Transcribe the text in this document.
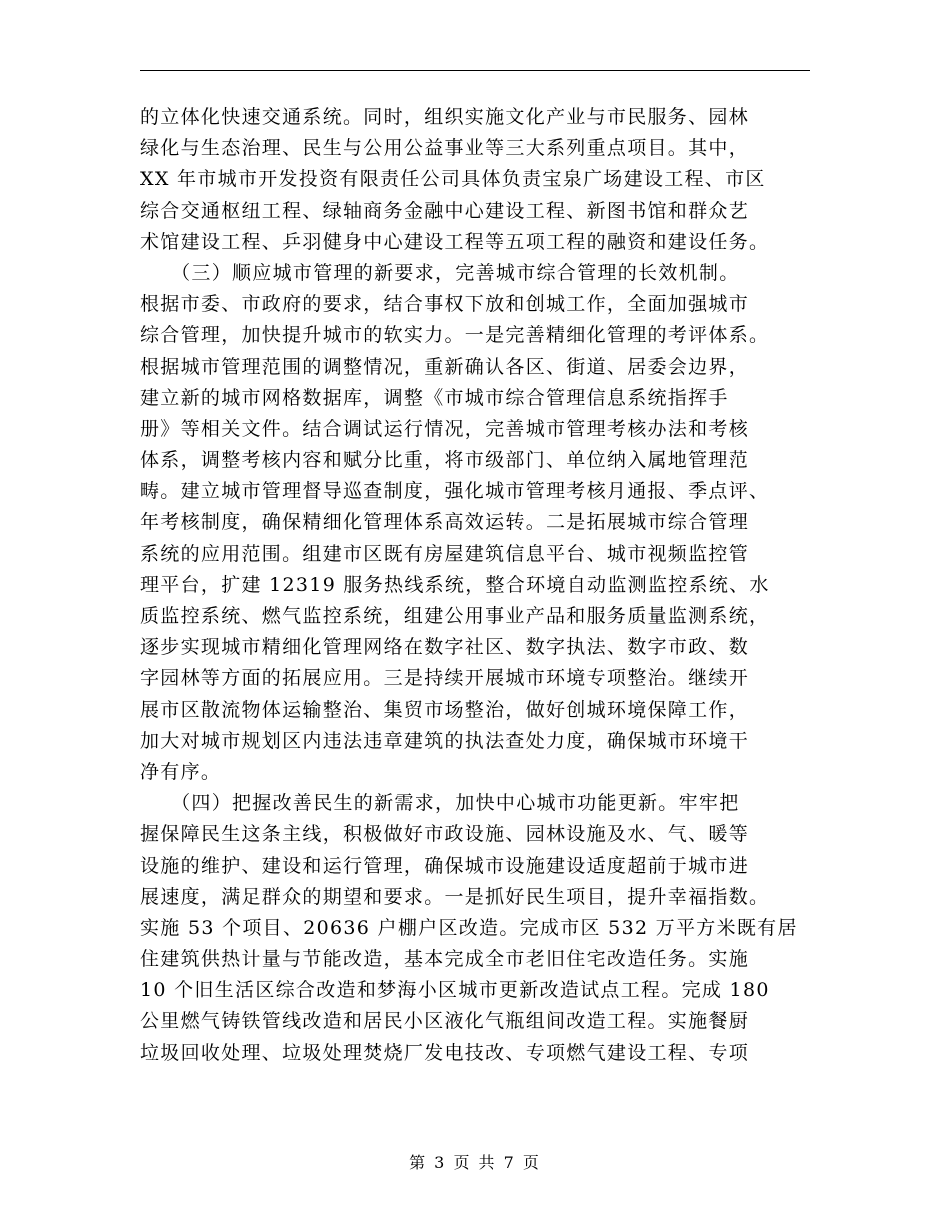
的立体化快速交通系统。同时，组织实施文化产业与市民服务、园林
绿化与生态治理、民生与公用公益事业等三大系列重点项目。其中，
XX 年市城市开发投资有限责任公司具体负责宝泉广场建设工程、市区
综合交通枢纽工程、绿轴商务金融中心建设工程、新图书馆和群众艺
术馆建设工程、乒羽健身中心建设工程等五项工程的融资和建设任务。
　　（三）顺应城市管理的新要求，完善城市综合管理的长效机制。
根据市委、市政府的要求，结合事权下放和创城工作，全面加强城市
综合管理，加快提升城市的软实力。一是完善精细化管理的考评体系。
根据城市管理范围的调整情况，重新确认各区、街道、居委会边界，
建立新的城市网格数据库，调整《市城市综合管理信息系统指挥手
册》等相关文件。结合调试运行情况，完善城市管理考核办法和考核
体系，调整考核内容和赋分比重，将市级部门、单位纳入属地管理范
畴。建立城市管理督导巡查制度，强化城市管理考核月通报、季点评、
年考核制度，确保精细化管理体系高效运转。二是拓展城市综合管理
系统的应用范围。组建市区既有房屋建筑信息平台、城市视频监控管
理平台，扩建 12319 服务热线系统，整合环境自动监测监控系统、水
质监控系统、燃气监控系统，组建公用事业产品和服务质量监测系统，
逐步实现城市精细化管理网络在数字社区、数字执法、数字市政、数
字园林等方面的拓展应用。三是持续开展城市环境专项整治。继续开
展市区散流物体运输整治、集贸市场整治，做好创城环境保障工作，
加大对城市规划区内违法违章建筑的执法查处力度，确保城市环境干
净有序。
　　（四）把握改善民生的新需求，加快中心城市功能更新。牢牢把
握保障民生这条主线，积极做好市政设施、园林设施及水、气、暖等
设施的维护、建设和运行管理，确保城市设施建设适度超前于城市进
展速度，满足群众的期望和要求。一是抓好民生项目，提升幸福指数。
实施 53 个项目、20636 户棚户区改造。完成市区 532 万平方米既有居
住建筑供热计量与节能改造，基本完成全市老旧住宅改造任务。实施
10 个旧生活区综合改造和梦海小区城市更新改造试点工程。完成 180
公里燃气铸铁管线改造和居民小区液化气瓶组间改造工程。实施餐厨
垃圾回收处理、垃圾处理焚烧厂发电技改、专项燃气建设工程、专项
第 3 页 共 7 页
